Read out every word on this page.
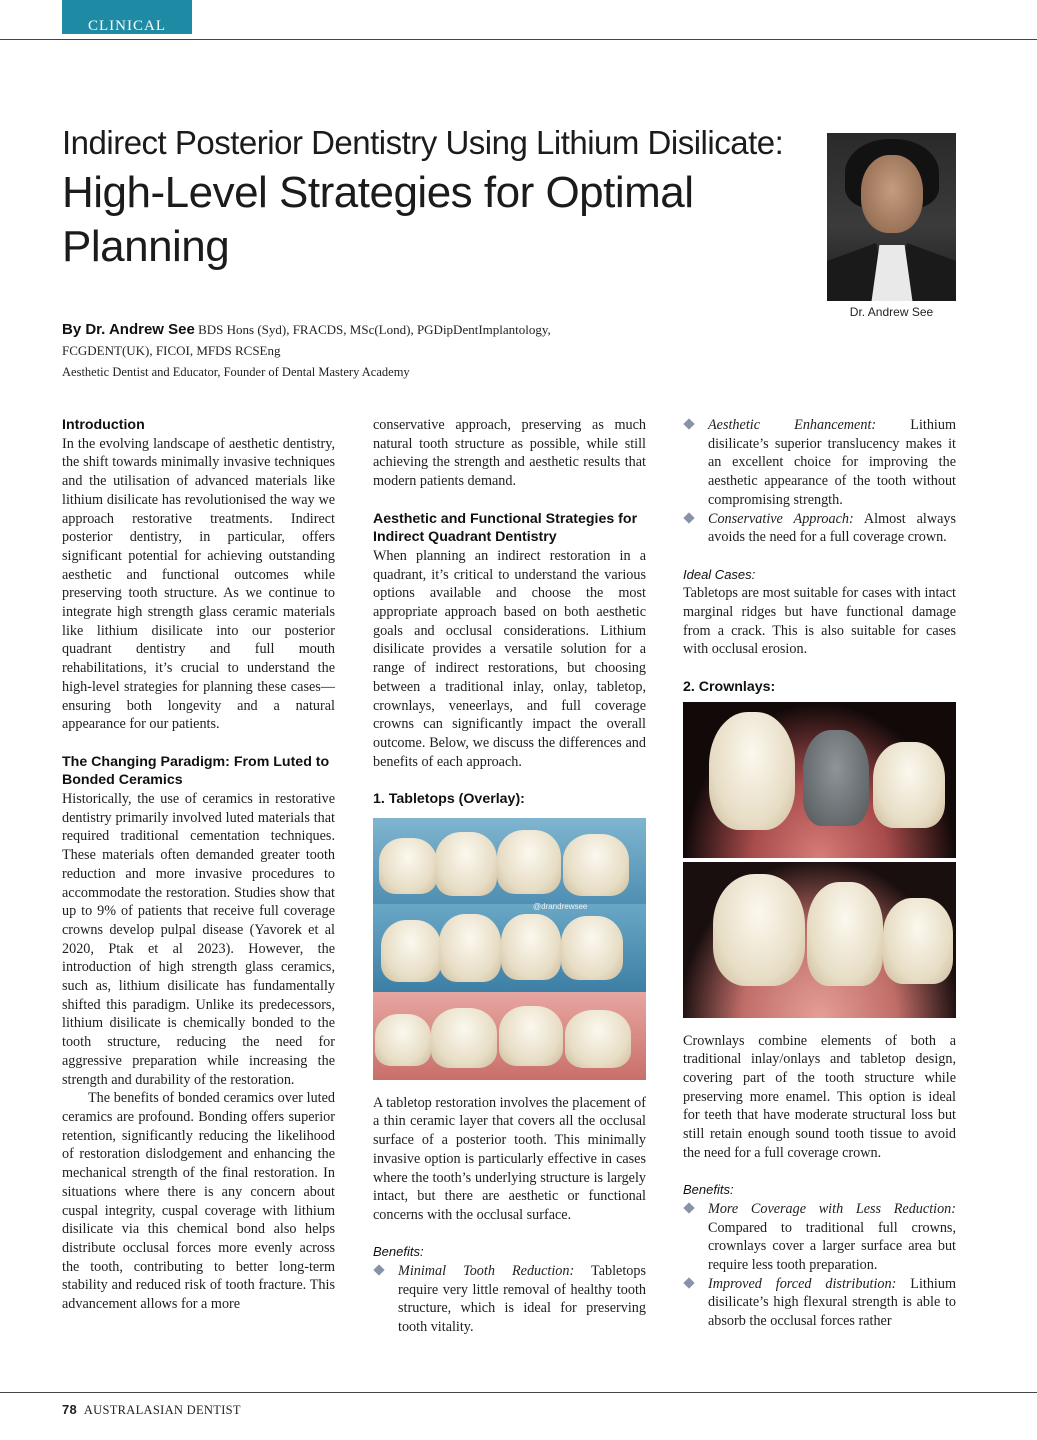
CLINICAL
Indirect Posterior Dentistry Using Lithium Disilicate:
High-Level Strategies for Optimal Planning
Dr. Andrew See
By Dr. Andrew See BDS Hons (Syd), FRACDS, MSc(Lond), PGDipDentImplantology,
FCGDENT(UK), FICOI, MFDS RCSEng
Aesthetic Dentist and Educator, Founder of Dental Mastery Academy
Introduction

In the evolving landscape of aesthetic dentistry, the shift towards minimally invasive techniques and the utilisation of advanced materials like lithium disilicate has revolutionised the way we approach restorative treatments. Indirect posterior dentistry, in particular, offers significant potential for achieving outstanding aesthetic and functional outcomes while preserving tooth structure. As we continue to integrate high strength glass ceramic materials like lithium disilicate into our posterior quadrant dentistry and full mouth rehabilitations, it’s crucial to understand the high-level strategies for planning these cases—ensuring both longevity and a natural appearance for our patients.

The Changing Paradigm: From Luted to Bonded Ceramics

Historically, the use of ceramics in restorative dentistry primarily involved luted materials that required traditional cementation techniques. These materials often demanded greater tooth reduction and more invasive procedures to accommodate the restoration. Studies show that up to 9% of patients that receive full coverage crowns develop pulpal disease (Yavorek et al 2020, Ptak et al 2023). However, the introduction of high strength glass ceramics, such as, lithium disilicate has fundamentally shifted this paradigm. Unlike its predecessors, lithium disilicate is chemically bonded to the tooth structure, reducing the need for aggressive preparation while increasing the strength and durability of the restoration.

The benefits of bonded ceramics over luted ceramics are profound. Bonding offers superior retention, significantly reducing the likelihood of restoration dislodgement and enhancing the mechanical strength of the final restoration. In situations where there is any concern about cuspal integrity, cuspal coverage with lithium disilicate via this chemical bond also helps distribute occlusal forces more evenly across the tooth, contributing to better long-term stability and reduced risk of tooth fracture. This advancement allows for a more

conservative approach, preserving as much natural tooth structure as possible, while still achieving the strength and aesthetic results that modern patients demand.

Aesthetic and Functional Strategies for Indirect Quadrant Dentistry

When planning an indirect restoration in a quadrant, it’s critical to understand the various options available and choose the most appropriate approach based on both aesthetic goals and occlusal considerations. Lithium disilicate provides a versatile solution for a range of indirect restorations, but choosing between a traditional inlay, onlay, tabletop, crownlays, veneerlays, and full coverage crowns can significantly impact the overall outcome. Below, we discuss the differences and benefits of each approach.

1. Tabletops (Overlay):
@drandrewsee

A tabletop restoration involves the placement of a thin ceramic layer that covers all the occlusal surface of a posterior tooth. This minimally invasive option is particularly effective in cases where the tooth’s underlying structure is largely intact, but there are aesthetic or functional concerns with the occlusal surface.

Benefits:
Minimal Tooth Reduction: Tabletops require very little removal of healthy tooth structure, which is ideal for preserving tooth vitality.
Aesthetic Enhancement: Lithium disilicate’s superior translucency makes it an excellent choice for improving the aesthetic appearance of the tooth without compromising strength.
Conservative Approach: Almost always avoids the need for a full coverage crown.
Ideal Cases:

Tabletops are most suitable for cases with intact marginal ridges but have functional damage from a crack. This is also suitable for cases with occlusal erosion.

2. Crownlays:

Crownlays combine elements of both a traditional inlay/onlays and tabletop design, covering part of the tooth structure while preserving more enamel. This option is ideal for teeth that have moderate structural loss but still retain enough sound tooth tissue to avoid the need for a full coverage crown.

Benefits:
More Coverage with Less Reduction: Compared to traditional full crowns, crownlays cover a larger surface area but require less tooth preparation.
Improved forced distribution: Lithium disilicate’s high flexural strength is able to absorb the occlusal forces rather
78 AUSTRALASIAN DENTIST
